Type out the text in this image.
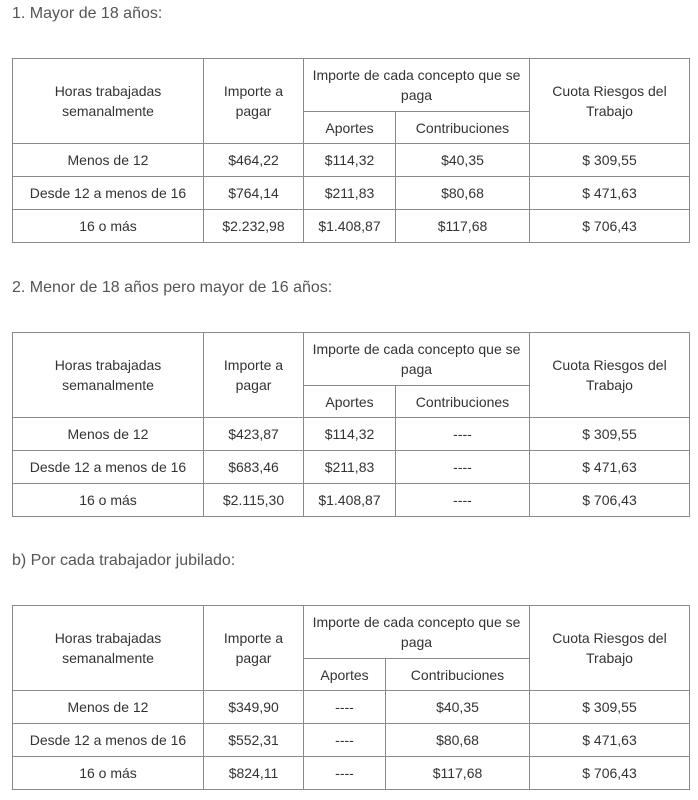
1. Mayor de 18 años:
Horas trabajadas semanalmente	Importe a pagar	Importe de cada concepto que se paga		Cuota Riesgos del Trabajo
		Aportes	Contribuciones	
Menos de 12	$464,22	$114,32	$40,35	$ 309,55
Desde 12 a menos de 16	$764,14	$211,83	$80,68	$ 471,63
16 o más	$2.232,98	$1.408,87	$117,68	$ 706,43
2. Menor de 18 años pero mayor de 16 años:
Horas trabajadas semanalmente	Importe a pagar	Importe de cada concepto que se paga		Cuota Riesgos del Trabajo
		Aportes	Contribuciones	
Menos de 12	$423,87	$114,32	----	$ 309,55
Desde 12 a menos de 16	$683,46	$211,83	----	$ 471,63
16 o más	$2.115,30	$1.408,87	----	$ 706,43
b) Por cada trabajador jubilado:
Horas trabajadas semanalmente	Importe a pagar	Importe de cada concepto que se paga		Cuota Riesgos del Trabajo
		Aportes	Contribuciones	
Menos de 12	$349,90	----	$40,35	$ 309,55
Desde 12 a menos de 16	$552,31	----	$80,68	$ 471,63
16 o más	$824,11	----	$117,68	$ 706,43
